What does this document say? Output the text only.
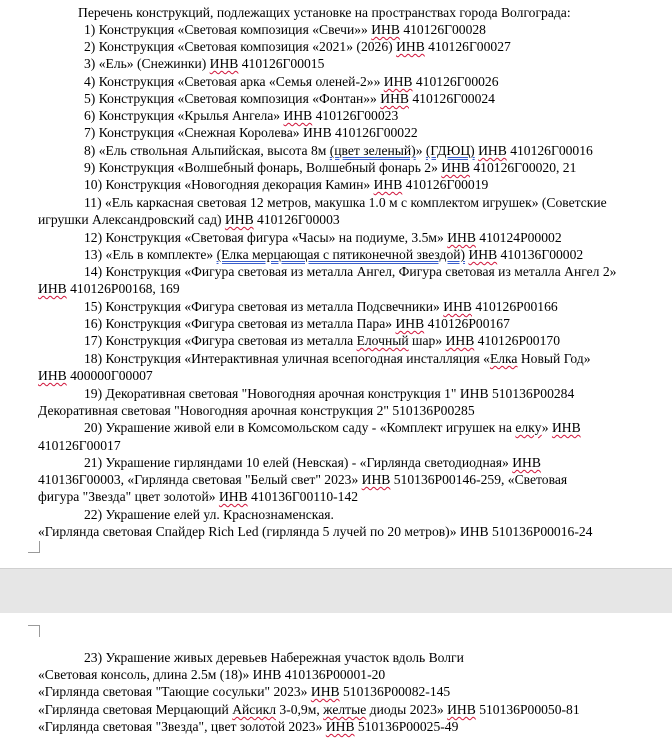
Перечень конструкций, подлежащих установке на пространствах города Волгограда:
1) Конструкция «Световая композиция «Свечи»» ИНВ 410126Г00028
2) Конструкция «Световая композиция «2021» (2026) ИНВ 410126Г00027
3) «Ель» (Снежинки) ИНВ 410126Г00015
4) Конструкция «Световая арка «Семья оленей-2»» ИНВ 410126Г00026
5) Конструкция «Световая композиция «Фонтан»» ИНВ 410126Г00024
6) Конструкция «Крылья Ангела» ИНВ 410126Г00023
7) Конструкция «Снежная Королева» ИНВ 410126Г00022
8) «Ель ствольная Альпийская, высота 8м (цвет зеленый)» (ГДЮЦ) ИНВ 410126Г00016
9) Конструкция «Волшебный фонарь, Волшебный фонарь 2» ИНВ 410126Г00020, 21
10) Конструкция «Новогодняя декорация Камин» ИНВ 410126Г00019
11) «Ель каркасная световая 12 метров, макушка 1.0 м с комплектом игрушек» (Советские
игрушки Александровский сад) ИНВ 410126Г00003
12) Конструкция «Световая фигура «Часы» на подиуме, 3.5м» ИНВ 410124Р00002
13) «Ель в комплекте» (Елка мерцающая с пятиконечной звездой) ИНВ 410136Г00002
14) Конструкция «Фигура световая из металла Ангел, Фигура световая из металла Ангел 2»
ИНВ 410126Р00168, 169
15) Конструкция «Фигура световая из металла Подсвечники» ИНВ 410126Р00166
16) Конструкция «Фигура световая из металла Пара» ИНВ 410126Р00167
17) Конструкция «Фигура световая из металла Елочный шар» ИНВ 410126Р00170
18) Конструкция «Интерактивная уличная всепогодная инсталляция «Елка Новый Год»
ИНВ 400000Г00007
19) Декоративная световая "Новогодняя арочная конструкция 1" ИНВ 510136Р00284
Декоративная световая "Новогодняя арочная конструкция 2" 510136Р00285
20) Украшение живой ели в Комсомольском саду - «Комплект игрушек на елку» ИНВ
410126Г00017
21) Украшение гирляндами 10 елей (Невская) - «Гирлянда светодиодная» ИНВ
410136Г00003, «Гирлянда световая "Белый свет" 2023» ИНВ 510136Р00146-259, «Световая
фигура "Звезда" цвет золотой» ИНВ 410136Г00110-142
22) Украшение елей ул. Краснознаменская.
«Гирлянда световая Спайдер Rich Led (гирлянда 5 лучей по 20 метров)» ИНВ 510136Р00016-24
23) Украшение живых деревьев Набережная участок вдоль Волги
«Световая консоль, длина 2.5м (18)» ИНВ 410136Р00001-20
«Гирлянда световая "Тающие сосульки" 2023» ИНВ 510136Р00082-145
«Гирлянда световая Мерцающий Айсикл 3-0,9м, желтые диоды 2023» ИНВ 510136Р00050-81
«Гирлянда световая "Звезда", цвет золотой 2023» ИНВ 510136Р00025-49
